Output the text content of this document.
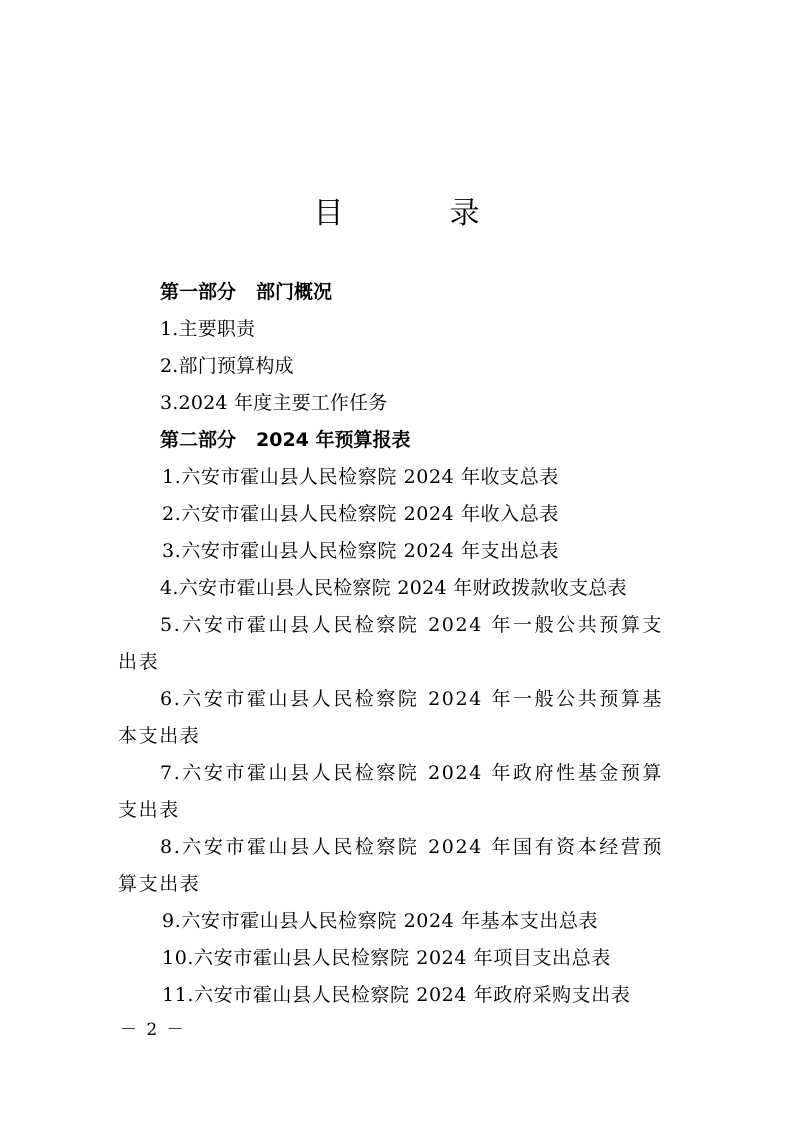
目　录
第一部分 部门概况
1.主要职责
2.部门预算构成
3.2024 年度主要工作任务
第二部分 2024 年预算报表
1.六安市霍山县人民检察院 2024 年收支总表
2.六安市霍山县人民检察院 2024 年收入总表
3.六安市霍山县人民检察院 2024 年支出总表
4.六安市霍山县人民检察院 2024 年财政拨款收支总表
5.六安市霍山县人民检察院 2024 年一般公共预算支出表
6.六安市霍山县人民检察院 2024 年一般公共预算基本支出表
7.六安市霍山县人民检察院 2024 年政府性基金预算支出表
8.六安市霍山县人民检察院 2024 年国有资本经营预算支出表
9.六安市霍山县人民检察院 2024 年基本支出总表
10.六安市霍山县人民检察院 2024 年项目支出总表
11.六安市霍山县人民检察院 2024 年政府采购支出表
－ 2 －
